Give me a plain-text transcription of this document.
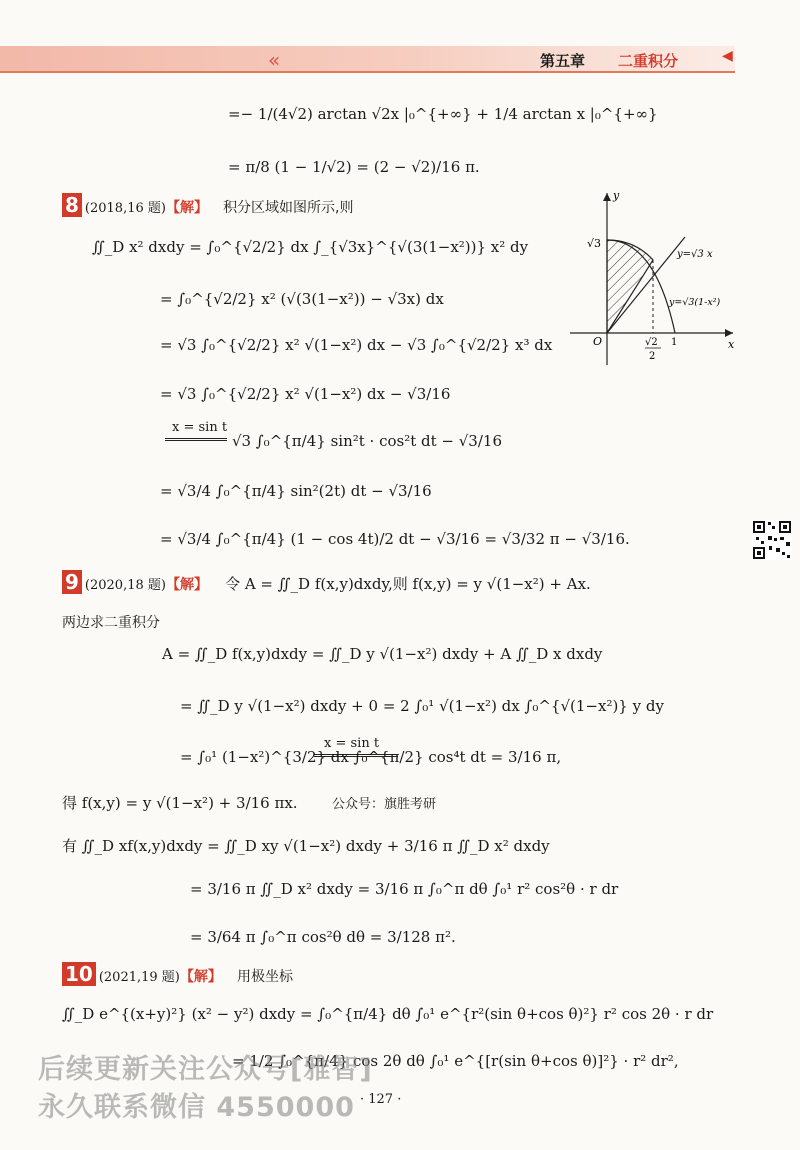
«	第五章 二重积分	◀
=− 1/(4√2) arctan √2x |₀^{+∞} + 1/4 arctan x |₀^{+∞}
= π/8 (1 − 1/√2) = (2 − √2)/16 π.
8 (2018,16 题)【解】 积分区域如图所示,则
∬_D x² dxdy = ∫₀^{√2/2} dx ∫_{√3x}^{√(3(1−x²))} x² dy
= ∫₀^{√2/2} x² (√(3(1−x²)) − √3x) dx
= √3 ∫₀^{√2/2} x² √(1−x²) dx − √3 ∫₀^{√2/2} x³ dx
= √3 ∫₀^{√2/2} x² √(1−x²) dx − √3/16
x = sin t
√3 ∫₀^{π/4} sin²t · cos²t dt − √3/16
= √3/4 ∫₀^{π/4} sin²(2t) dt − √3/16
= √3/4 ∫₀^{π/4} (1 − cos 4t)/2 dt − √3/16 = √3/32 π − √3/16.
y
x
O
√3
√2
2
1
y=√3 x
y=√3(1-x²)
9 (2020,18 题)【解】 令 A = ∬_D f(x,y)dxdy,则 f(x,y) = y √(1−x²) + Ax.
两边求二重积分
A = ∬_D f(x,y)dxdy = ∬_D y √(1−x²) dxdy + A ∬_D x dxdy
= ∬_D y √(1−x²) dxdy + 0 = 2 ∫₀¹ √(1−x²) dx ∫₀^{√(1−x²)} y dy
x = sin t
= ∫₀¹ (1−x²)^{3/2} dx ∫₀^{π/2} cos⁴t dt = 3/16 π,
得 f(x,y) = y √(1−x²) + 3/16 πx.	公众号：旗胜考研
有 ∬_D xf(x,y)dxdy = ∬_D xy √(1−x²) dxdy + 3/16 π ∬_D x² dxdy
= 3/16 π ∬_D x² dxdy = 3/16 π ∫₀^π dθ ∫₀¹ r² cos²θ · r dr
= 3/64 π ∫₀^π cos²θ dθ = 3/128 π².
10 (2021,19 题)【解】 用极坐标
∬_D e^{(x+y)²} (x² − y²) dxdy = ∫₀^{π/4} dθ ∫₀¹ e^{r²(sin θ+cos θ)²} r² cos 2θ · r dr
= 1/2 ∫₀^{π/4} cos 2θ dθ ∫₀¹ e^{[r(sin θ+cos θ)]²} · r² dr²,
后续更新关注公众号[雅智]
永久联系微信 4550000 · 127 ·
